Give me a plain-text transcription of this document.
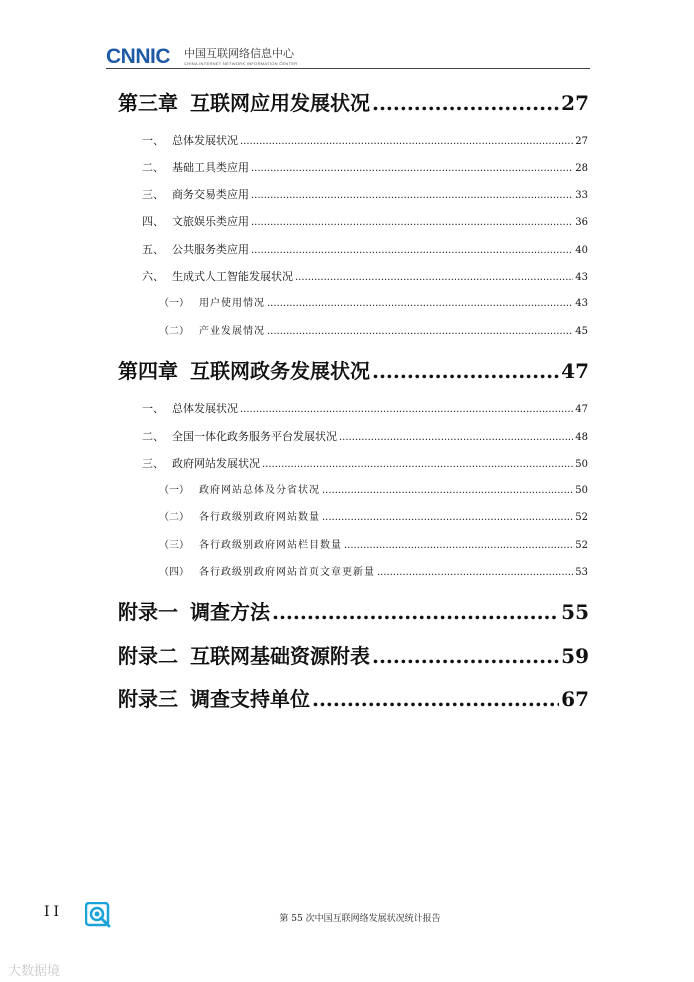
CNNIC 中国互联网络信息中心
CHINA INTERNET NETWORK INFORMATION CENTER
第三章 互联网应用发展状况 .....	27
一、 总体发展状况 .....	27
二、 基础工具类应用 .....	28
三、 商务交易类应用 .....	33
四、 文旅娱乐类应用 .....	36
五、 公共服务类应用 .....	40
六、 生成式人工智能发展状况 .....	43
（一） 用户使用情况 .....	43
（二） 产业发展情况 .....	45
第四章 互联网政务发展状况 .....	47
一、 总体发展状况 .....	47
二、 全国一体化政务服务平台发展状况 .....	48
三、 政府网站发展状况 .....	50
（一） 政府网站总体及分省状况 .....	50
（二） 各行政级别政府网站数量 .....	52
（三） 各行政级别政府网站栏目数量 .....	52
（四） 各行政级别政府网站首页文章更新量 .....	53
附录一 调查方法 .....	55
附录二 互联网基础资源附表 .....	59
附录三 调查支持单位 .....	67
II	第 55 次中国互联网络发展状况统计报告
大数据境
